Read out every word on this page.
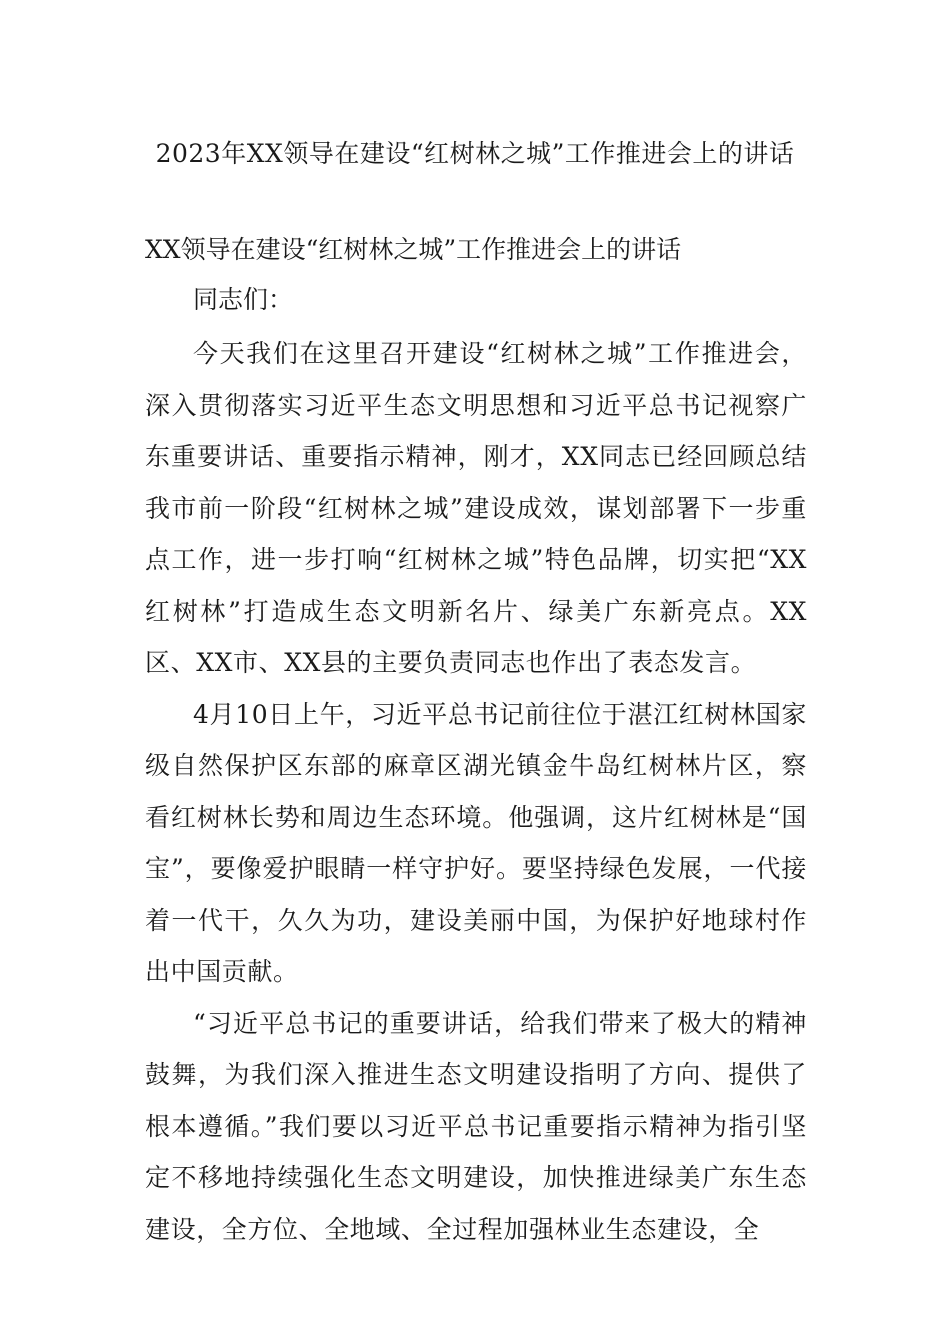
2023年XX领导在建设“红树林之城”工作推进会上的讲话

XX领导在建设“红树林之城”工作推进会上的讲话

同志们：

今天我们在这里召开建设“红树林之城”工作推进会，深入贯彻落实习近平生态文明思想和习近平总书记视察广东重要讲话、重要指示精神，刚才，XX同志已经回顾总结我市前一阶段“红树林之城”建设成效，谋划部署下一步重点工作，进一步打响“红树林之城”特色品牌，切实把“XX红树林”打造成生态文明新名片、绿美广东新亮点。XX区、XX市、XX县的主要负责同志也作出了表态发言。

4月10日上午，习近平总书记前往位于湛江红树林国家级自然保护区东部的麻章区湖光镇金牛岛红树林片区，察看红树林长势和周边生态环境。他强调，这片红树林是“国宝”，要像爱护眼睛一样守护好。要坚持绿色发展，一代接着一代干，久久为功，建设美丽中国，为保护好地球村作出中国贡献。

“习近平总书记的重要讲话，给我们带来了极大的精神鼓舞，为我们深入推进生态文明建设指明了方向、提供了根本遵循。”我们要以习近平总书记重要指示精神为指引坚定不移地持续强化生态文明建设，加快推进绿美广东生态建设，全方位、全地域、全过程加强林业生态建设，全
